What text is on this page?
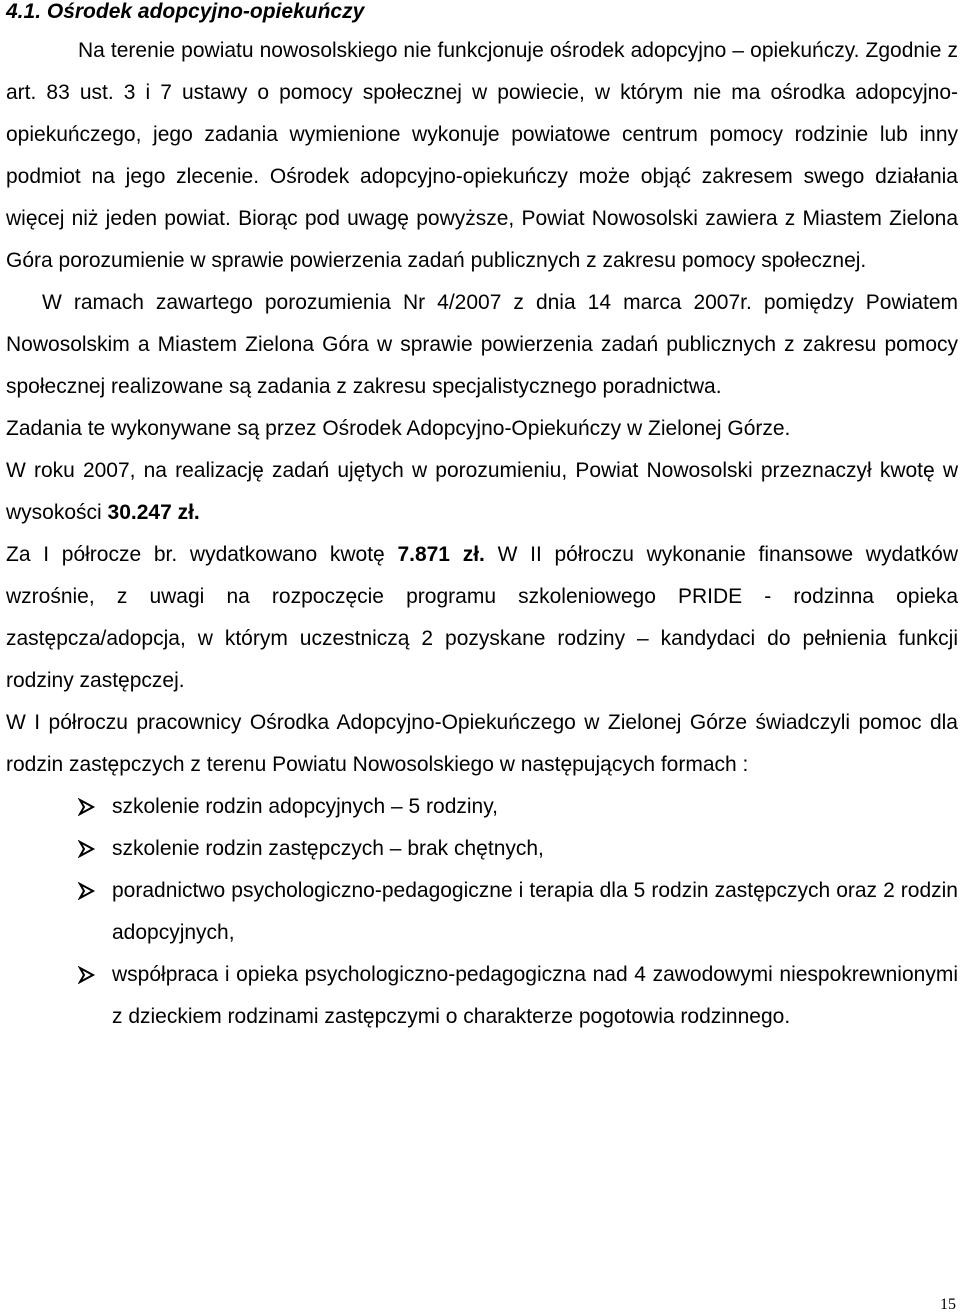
4.1. Ośrodek adopcyjno-opiekuńczy

Na terenie powiatu nowosolskiego nie funkcjonuje ośrodek adopcyjno – opiekuńczy. Zgodnie z art. 83 ust. 3 i 7 ustawy o pomocy społecznej w powiecie, w którym nie ma ośrodka adopcyjno-opiekuńczego, jego zadania wymienione wykonuje powiatowe centrum pomocy rodzinie lub inny podmiot na jego zlecenie. Ośrodek adopcyjno-opiekuńczy może objąć zakresem swego działania więcej niż jeden powiat. Biorąc pod uwagę powyższe, Powiat Nowosolski zawiera z Miastem Zielona Góra porozumienie w sprawie powierzenia zadań publicznych z zakresu pomocy społecznej.

W ramach zawartego porozumienia Nr 4/2007 z dnia 14 marca 2007r. pomiędzy Powiatem Nowosolskim a Miastem Zielona Góra w sprawie powierzenia zadań publicznych z zakresu pomocy społecznej realizowane są zadania z zakresu specjalistycznego poradnictwa.

Zadania te wykonywane są przez Ośrodek Adopcyjno-Opiekuńczy w Zielonej Górze.

W roku 2007, na realizację zadań ujętych w porozumieniu, Powiat Nowosolski przeznaczył kwotę w wysokości 30.247 zł.

Za I półrocze br. wydatkowano kwotę 7.871 zł. W II półroczu wykonanie finansowe wydatków wzrośnie, z uwagi na rozpoczęcie programu szkoleniowego PRIDE - rodzinna opieka zastępcza/adopcja, w którym uczestniczą 2 pozyskane rodziny – kandydaci do pełnienia funkcji rodziny zastępczej.

W I półroczu pracownicy Ośrodka Adopcyjno-Opiekuńczego w Zielonej Górze świadczyli pomoc dla rodzin zastępczych z terenu Powiatu Nowosolskiego w następujących formach :

szkolenie rodzin adopcyjnych – 5 rodziny,
szkolenie rodzin zastępczych – brak chętnych,
poradnictwo psychologiczno-pedagogiczne i terapia dla 5 rodzin zastępczych oraz 2 rodzin adopcyjnych,
współpraca i opieka psychologiczno-pedagogiczna nad 4 zawodowymi niespokrewnionymi z dzieckiem rodzinami zastępczymi o charakterze pogotowia rodzinnego.
15
